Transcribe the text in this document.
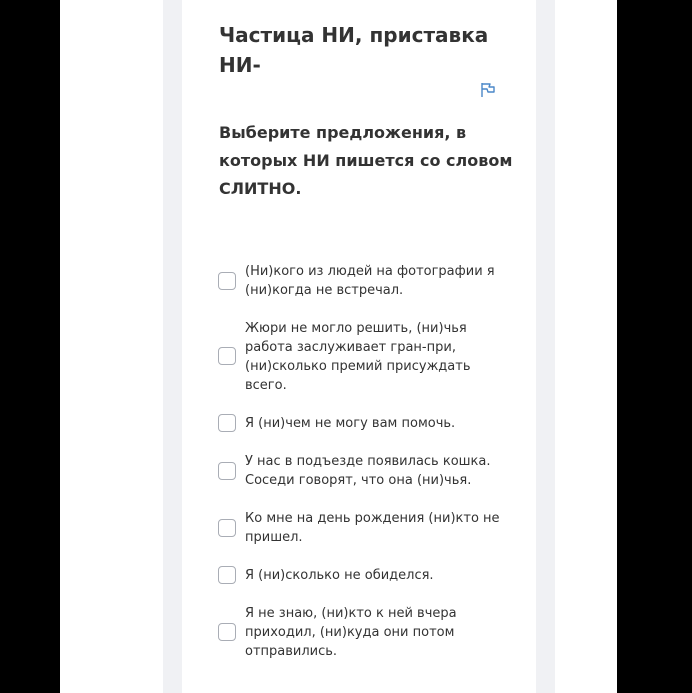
Частица НИ, приставка НИ-
Выберите предложения, в которых НИ пишется со словом СЛИТНО.
(Ни)кого из людей на фотографии я (ни)когда не встречал.
Жюри не могло решить, (ни)чья работа заслуживает гран-при, (ни)сколько премий присуждать всего.
Я (ни)чем не могу вам помочь.
У нас в подъезде появилась кошка. Соседи говорят, что она (ни)чья.
Ко мне на день рождения (ни)кто не пришел.
Я (ни)сколько не обиделся.
Я не знаю, (ни)кто к ней вчера приходил, (ни)куда они потом отправились.
